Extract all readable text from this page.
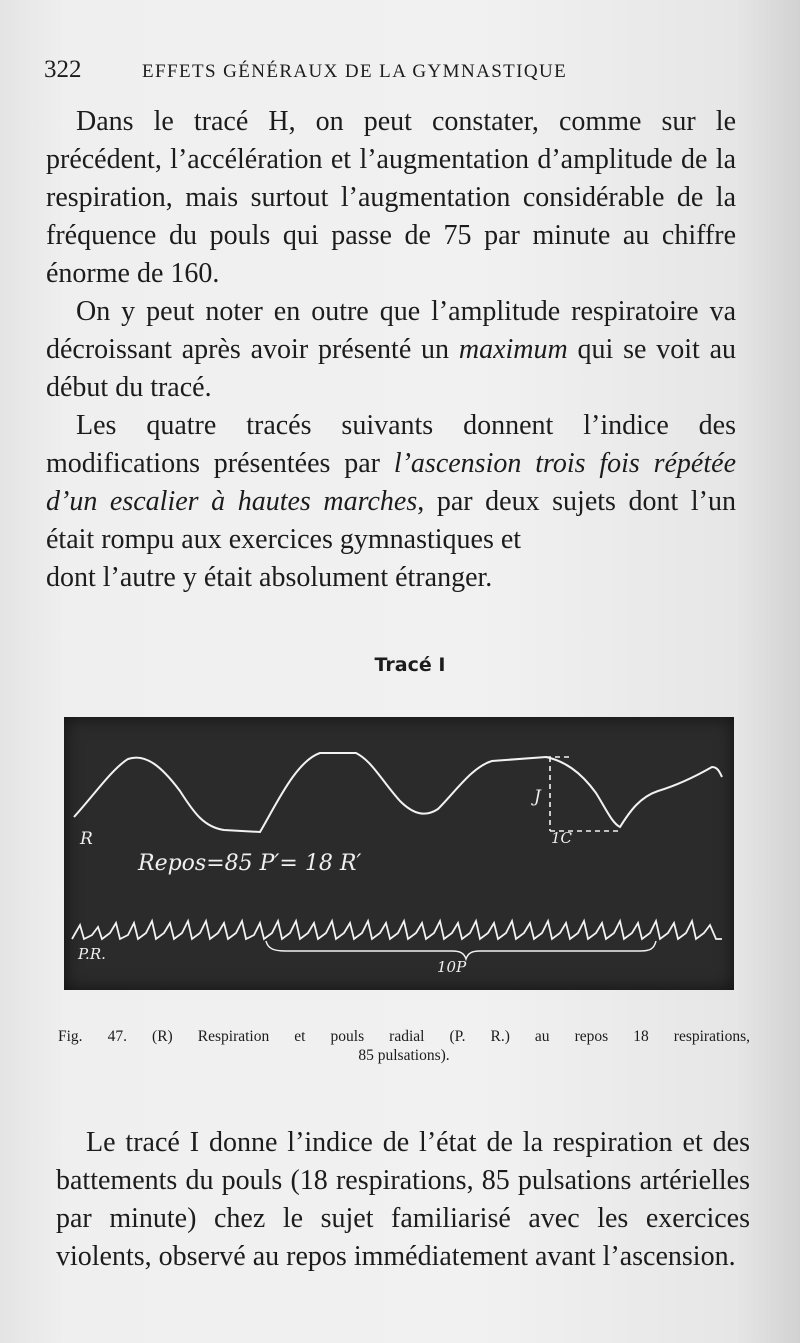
322	EFFETS GÉNÉRAUX DE LA GYMNASTIQUE

Dans le tracé H, on peut constater, comme sur le précédent, l’accélération et l’augmentation d’amplitude de la respiration, mais surtout l’augmentation considérable de la fréquence du pouls qui passe de 75 par minute au chiffre énorme de 160.

On y peut noter en outre que l’amplitude respiratoire va décroissant après avoir présenté un maximum qui se voit au début du tracé.

Les quatre tracés suivants donnent l’indice des modifications présentées par l’ascension trois fois répétée d’un escalier à hautes marches, par deux sujets dont l’un était rompu aux exercices gymnastiques et

dont l’autre y était absolument étranger.
Tracé I
R
P.R.
J
1C
Repos=85 P′= 18 R′
10P
Fig. 47. (R) Respiration et pouls radial (P. R.) au repos 18 respirations,
85 pulsations).

Le tracé I donne l’indice de l’état de la respiration et des battements du pouls (18 respirations, 85 pulsations artérielles par minute) chez le sujet familiarisé avec les exercices violents, observé au repos immédiatement avant l’ascension.
